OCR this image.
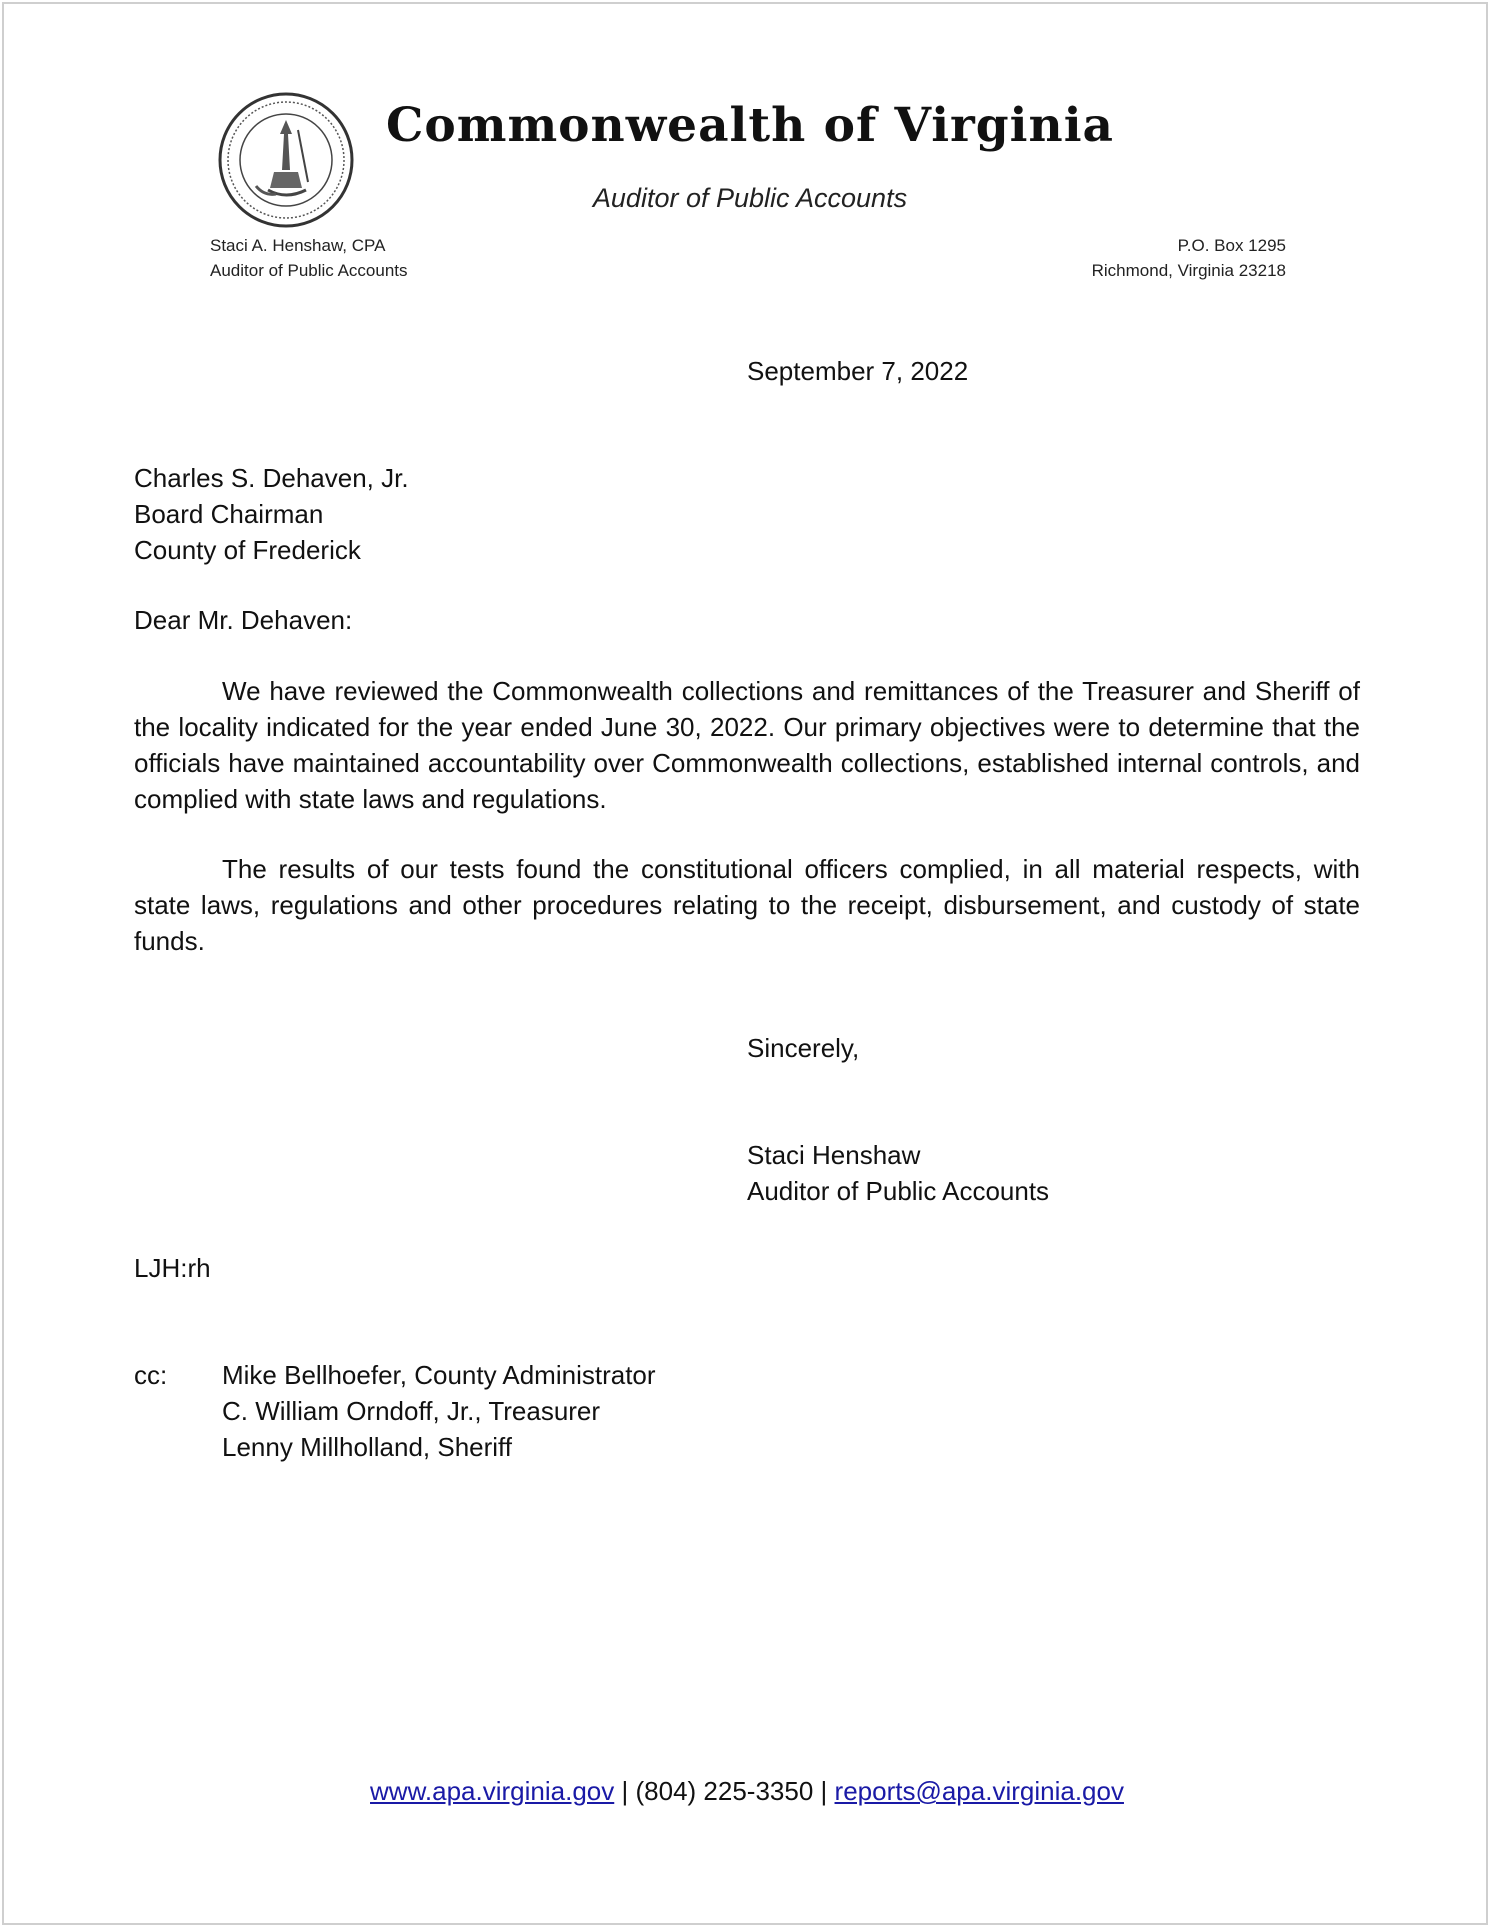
Commonwealth of Virginia
Auditor of Public Accounts
Staci A. Henshaw, CPA
Auditor of Public Accounts
P.O. Box 1295
Richmond, Virginia 23218
September 7, 2022
Charles S. Dehaven, Jr.
Board Chairman
County of Frederick
Dear Mr. Dehaven:
We have reviewed the Commonwealth collections and remittances of the Treasurer and Sheriff of the locality indicated for the year ended June 30, 2022. Our primary objectives were to determine that the officials have maintained accountability over Commonwealth collections, established internal controls, and complied with state laws and regulations.
The results of our tests found the constitutional officers complied, in all material respects, with state laws, regulations and other procedures relating to the receipt, disbursement, and custody of state funds.
Sincerely,
Staci Henshaw
Auditor of Public Accounts
LJH:rh
cc: Mike Bellhoefer, County Administrator
C. William Orndoff, Jr., Treasurer
Lenny Millholland, Sheriff
www.apa.virginia.gov | (804) 225-3350 | reports@apa.virginia.gov
